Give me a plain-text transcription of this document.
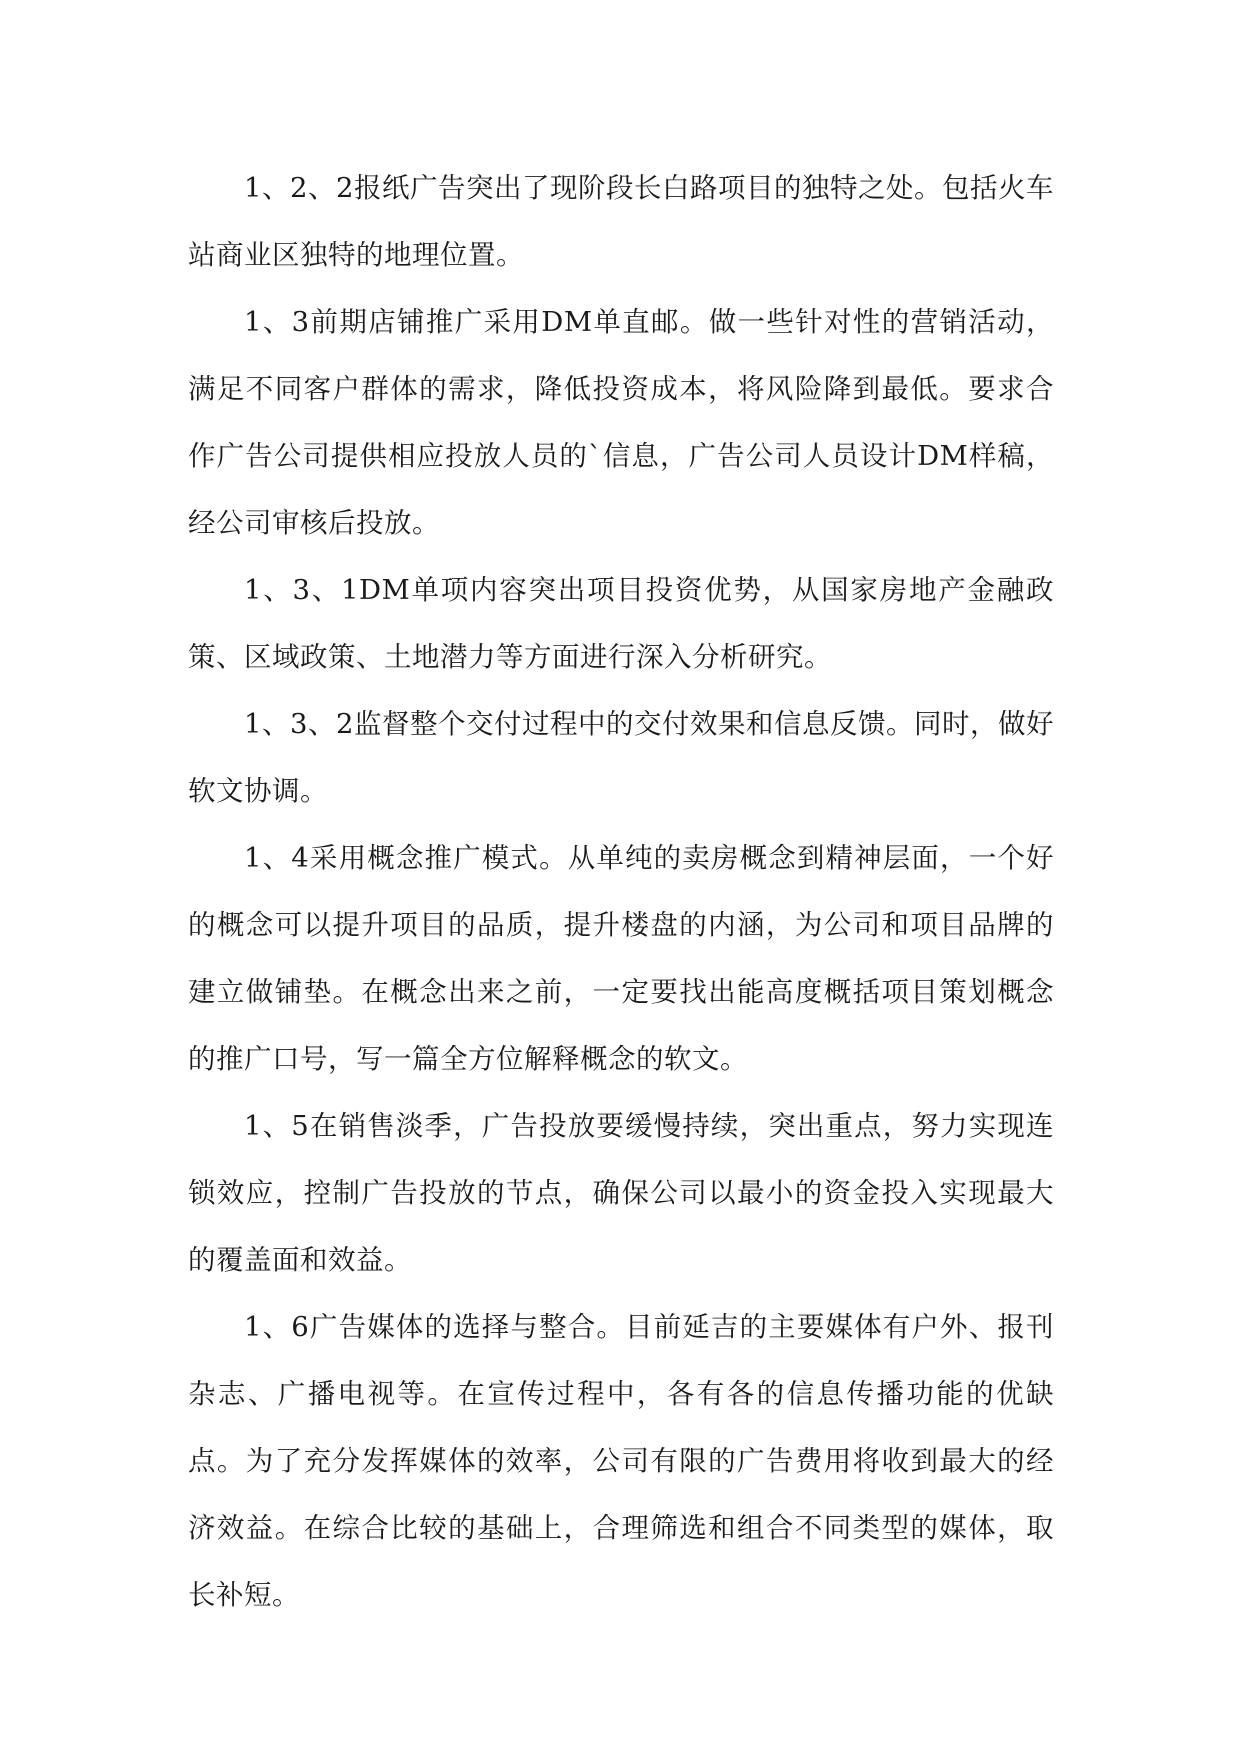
1、2、2报纸广告突出了现阶段长白路项目的独特之处。包括火车站商业区独特的地理位置。

1、3前期店铺推广采用DM单直邮。做一些针对性的营销活动，满足不同客户群体的需求，降低投资成本，将风险降到最低。要求合作广告公司提供相应投放人员的`信息，广告公司人员设计DM样稿，经公司审核后投放。

1、3、1DM单项内容突出项目投资优势，从国家房地产金融政策、区域政策、土地潜力等方面进行深入分析研究。

1、3、2监督整个交付过程中的交付效果和信息反馈。同时，做好软文协调。

1、4采用概念推广模式。从单纯的卖房概念到精神层面，一个好的概念可以提升项目的品质，提升楼盘的内涵，为公司和项目品牌的建立做铺垫。在概念出来之前，一定要找出能高度概括项目策划概念的推广口号，写一篇全方位解释概念的软文。

1、5在销售淡季，广告投放要缓慢持续，突出重点，努力实现连锁效应，控制广告投放的节点，确保公司以最小的资金投入实现最大的覆盖面和效益。

1、6广告媒体的选择与整合。目前延吉的主要媒体有户外、报刊杂志、广播电视等。在宣传过程中，各有各的信息传播功能的优缺点。为了充分发挥媒体的效率，公司有限的广告费用将收到最大的经济效益。在综合比较的基础上，合理筛选和组合不同类型的媒体，取长补短。
